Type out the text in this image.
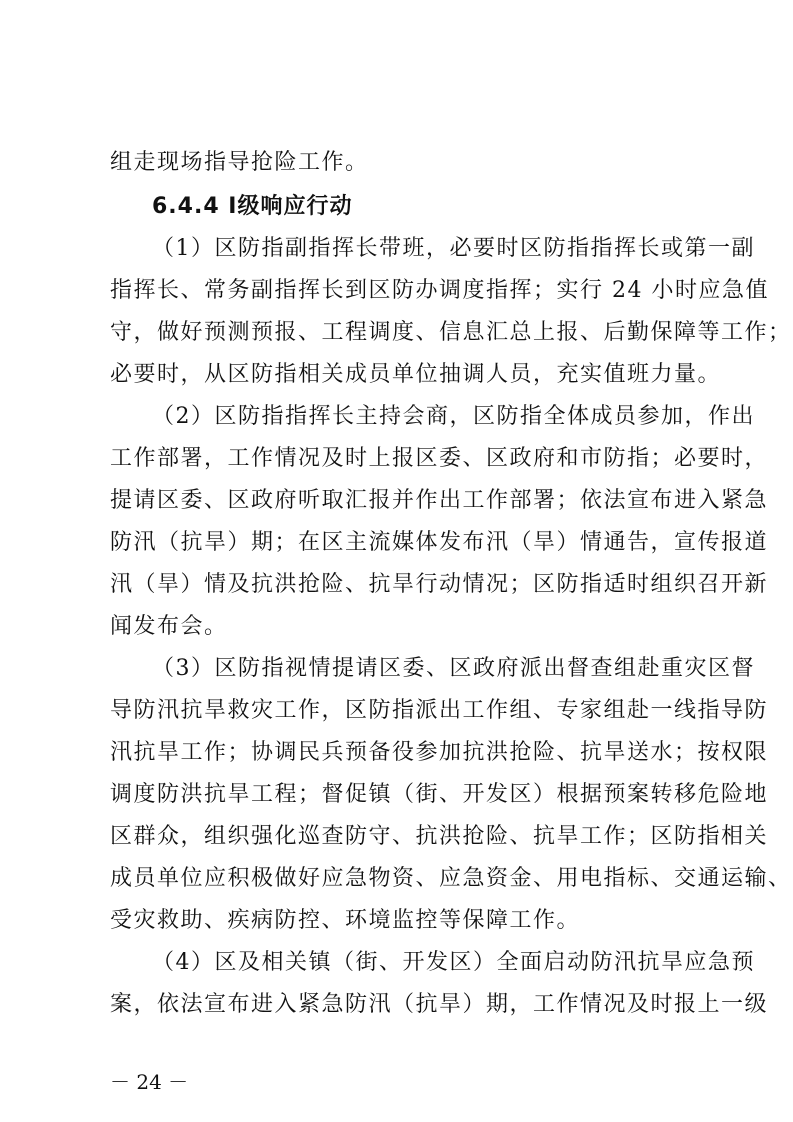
组走现场指导抢险工作。
6.4.4 Ⅰ级响应行动
（1）区防指副指挥长带班，必要时区防指指挥长或第一副
指挥长、常务副指挥长到区防办调度指挥；实行 24 小时应急值
守，做好预测预报、工程调度、信息汇总上报、后勤保障等工作；
必要时，从区防指相关成员单位抽调人员，充实值班力量。
（2）区防指指挥长主持会商，区防指全体成员参加，作出
工作部署，工作情况及时上报区委、区政府和市防指；必要时，
提请区委、区政府听取汇报并作出工作部署；依法宣布进入紧急
防汛（抗旱）期；在区主流媒体发布汛（旱）情通告，宣传报道
汛（旱）情及抗洪抢险、抗旱行动情况；区防指适时组织召开新
闻发布会。
（3）区防指视情提请区委、区政府派出督查组赴重灾区督
导防汛抗旱救灾工作，区防指派出工作组、专家组赴一线指导防
汛抗旱工作；协调民兵预备役参加抗洪抢险、抗旱送水；按权限
调度防洪抗旱工程；督促镇（街、开发区）根据预案转移危险地
区群众，组织强化巡查防守、抗洪抢险、抗旱工作；区防指相关
成员单位应积极做好应急物资、应急资金、用电指标、交通运输、
受灾救助、疾病防控、环境监控等保障工作。
（4）区及相关镇（街、开发区）全面启动防汛抗旱应急预
案，依法宣布进入紧急防汛（抗旱）期，工作情况及时报上一级
－ 24 －
